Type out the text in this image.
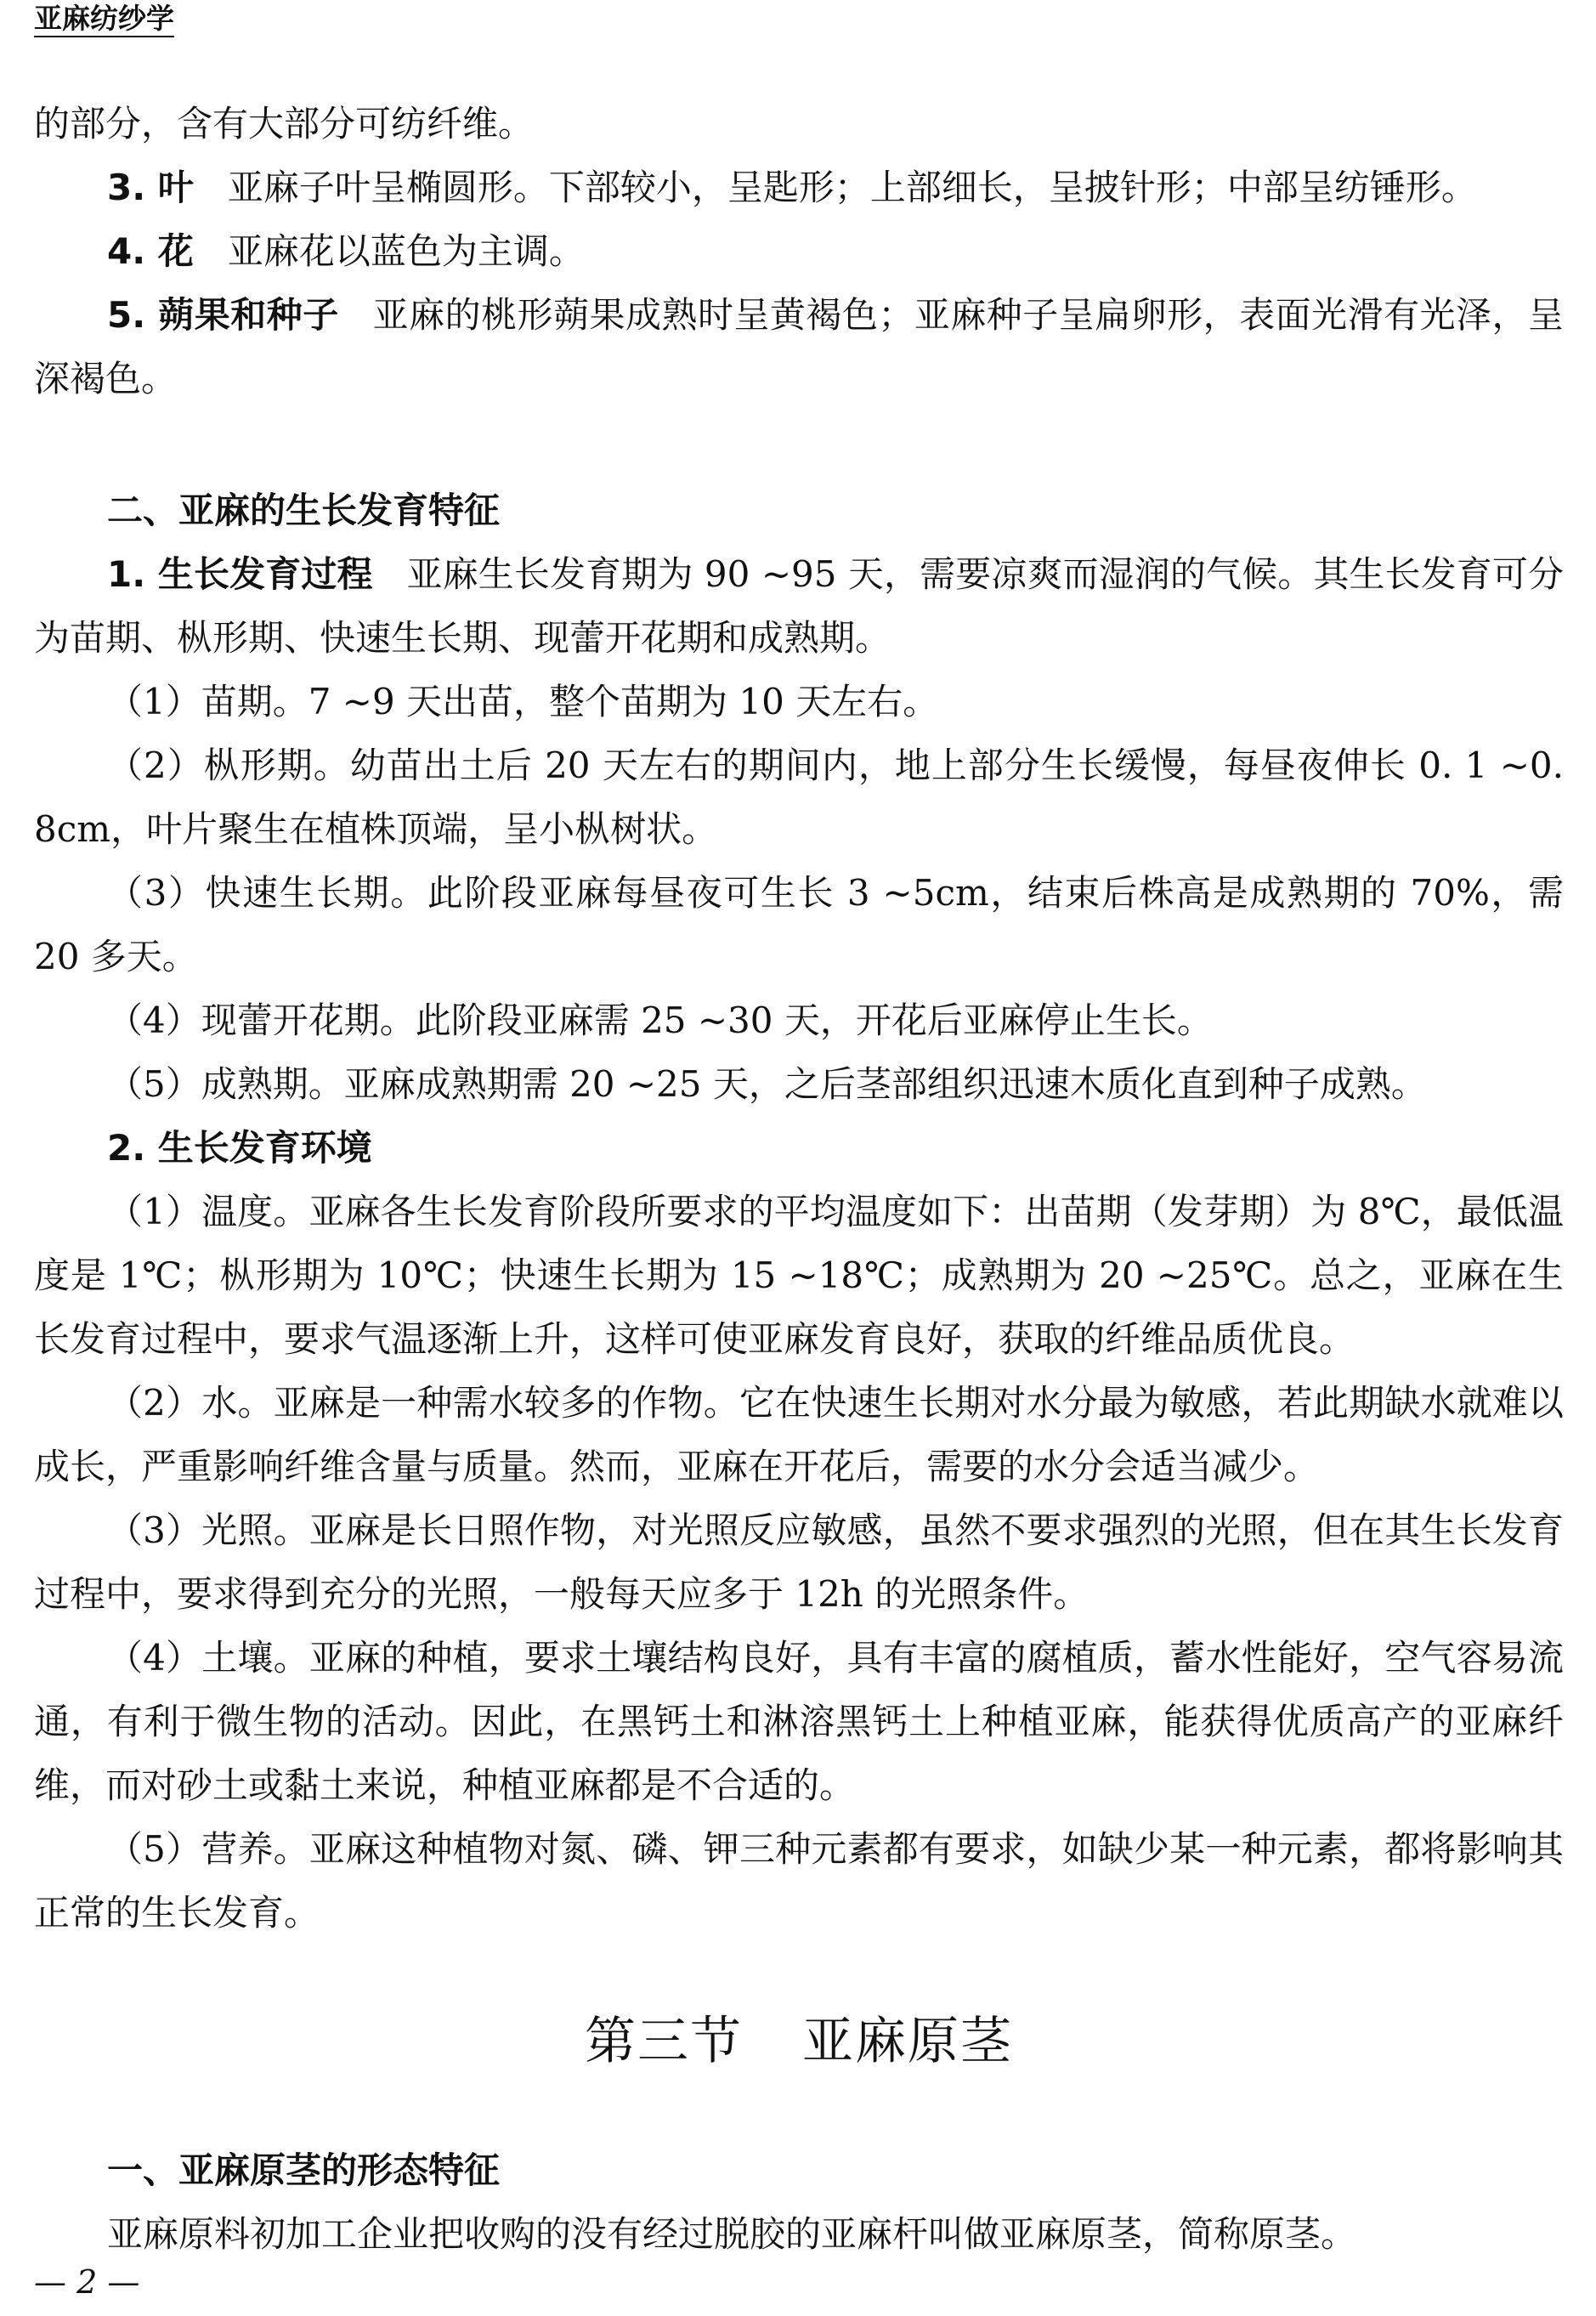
亚麻纺纱学

的部分，含有大部分可纺纤维。

3. 叶 亚麻子叶呈椭圆形。下部较小，呈匙形；上部细长，呈披针形；中部呈纺锤形。

4. 花 亚麻花以蓝色为主调。

5. 蒴果和种子 亚麻的桃形蒴果成熟时呈黄褐色；亚麻种子呈扁卵形，表面光滑有光泽，呈深褐色。

二、亚麻的生长发育特征

1. 生长发育过程 亚麻生长发育期为 90 ~95 天，需要凉爽而湿润的气候。其生长发育可分为苗期、枞形期、快速生长期、现蕾开花期和成熟期。

（1）苗期。7 ~9 天出苗，整个苗期为 10 天左右。

（2）枞形期。幼苗出土后 20 天左右的期间内，地上部分生长缓慢，每昼夜伸长 0. 1 ~0. 8cm，叶片聚生在植株顶端，呈小枞树状。

（3）快速生长期。此阶段亚麻每昼夜可生长 3 ~5cm，结束后株高是成熟期的 70%，需 20 多天。

（4）现蕾开花期。此阶段亚麻需 25 ~30 天，开花后亚麻停止生长。

（5）成熟期。亚麻成熟期需 20 ~25 天，之后茎部组织迅速木质化直到种子成熟。

2. 生长发育环境

（1）温度。亚麻各生长发育阶段所要求的平均温度如下：出苗期（发芽期）为 8℃，最低温度是 1℃；枞形期为 10℃；快速生长期为 15 ~18℃；成熟期为 20 ~25℃。总之，亚麻在生长发育过程中，要求气温逐渐上升，这样可使亚麻发育良好，获取的纤维品质优良。

（2）水。亚麻是一种需水较多的作物。它在快速生长期对水分最为敏感，若此期缺水就难以成长，严重影响纤维含量与质量。然而，亚麻在开花后，需要的水分会适当减少。

（3）光照。亚麻是长日照作物，对光照反应敏感，虽然不要求强烈的光照，但在其生长发育过程中，要求得到充分的光照，一般每天应多于 12h 的光照条件。

（4）土壤。亚麻的种植，要求土壤结构良好，具有丰富的腐植质，蓄水性能好，空气容易流通，有利于微生物的活动。因此，在黑钙土和淋溶黑钙土上种植亚麻，能获得优质高产的亚麻纤维，而对砂土或黏土来说，种植亚麻都是不合适的。

（5）营养。亚麻这种植物对氮、磷、钾三种元素都有要求，如缺少某一种元素，都将影响其正常的生长发育。

第三节 亚麻原茎

一、亚麻原茎的形态特征

亚麻原料初加工企业把收购的没有经过脱胶的亚麻杆叫做亚麻原茎，简称原茎。

— 2 —
